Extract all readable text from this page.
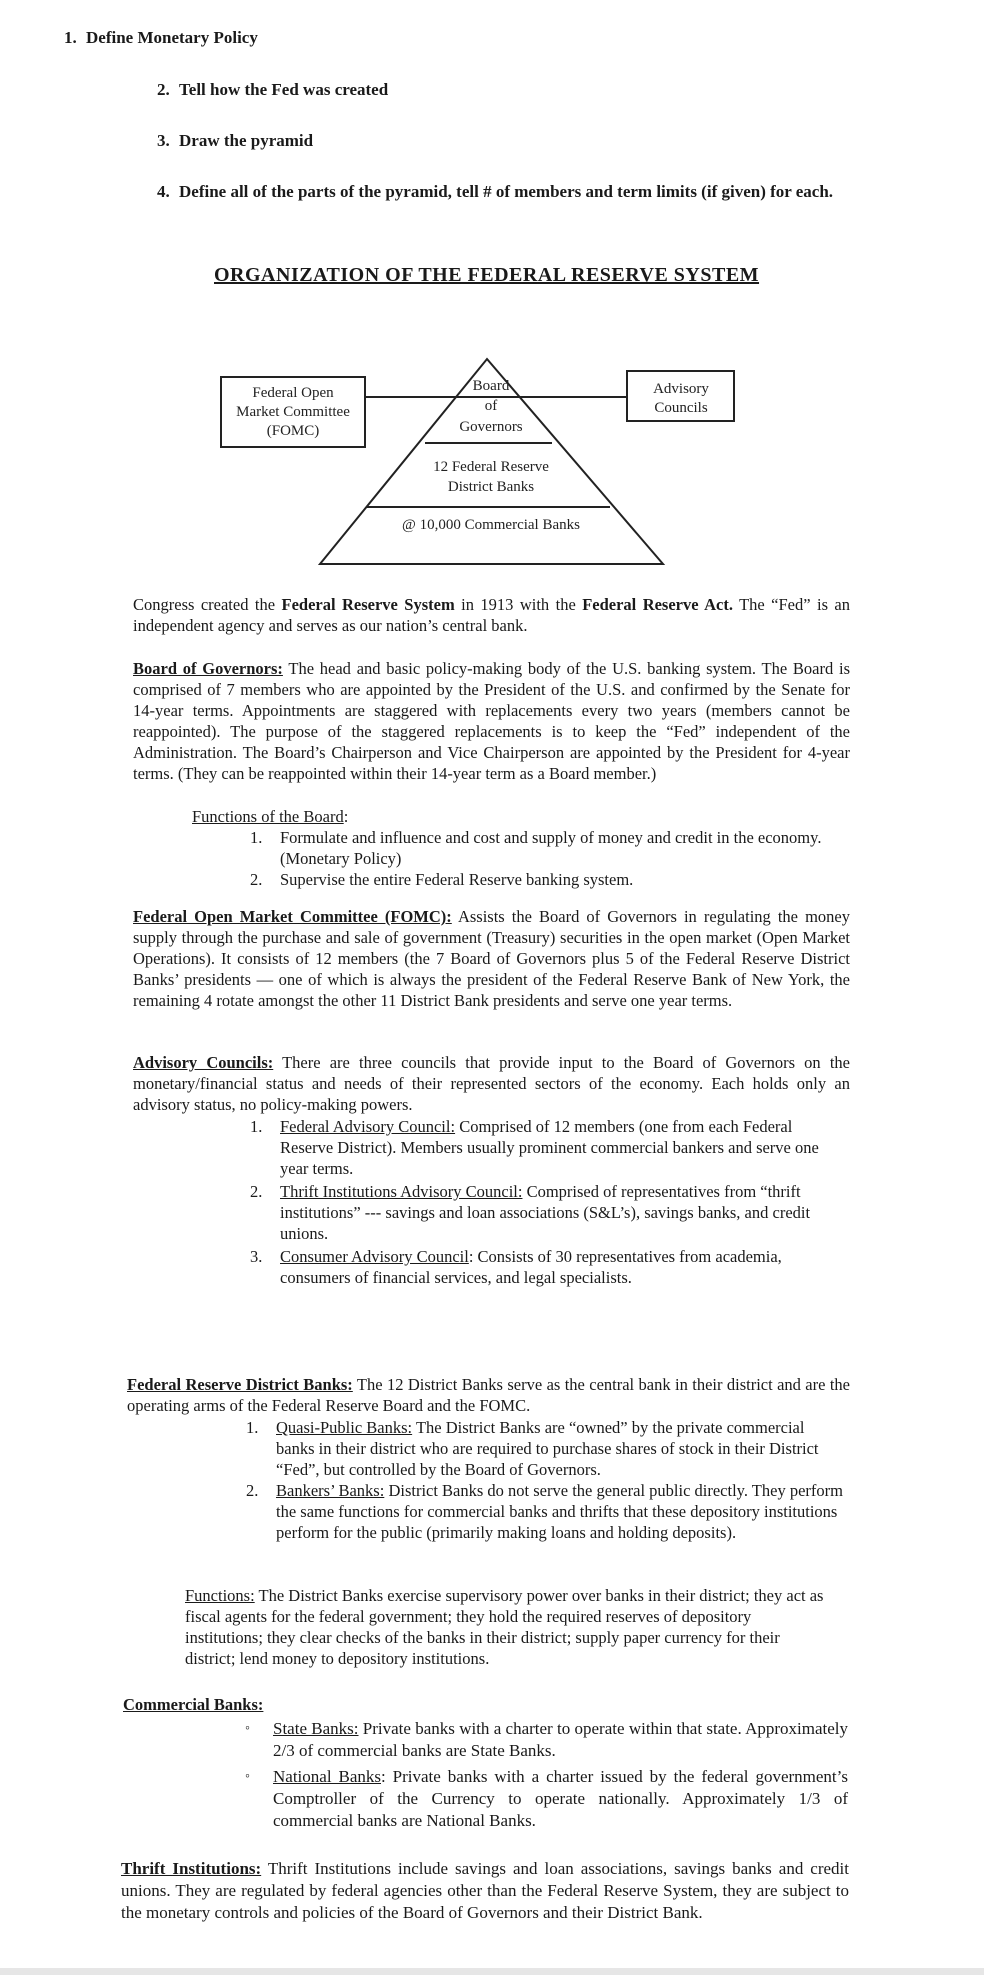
1. Define Monetary Policy
2. Tell how the Fed was created
3. Draw the pyramid
4. Define all of the parts of the pyramid, tell # of members and term limits (if given) for each.
ORGANIZATION OF THE FEDERAL RESERVE SYSTEM
Federal Open
Market Committee
(FOMC)
Board
of
Governors
Advisory
Councils
12 Federal Reserve
District Banks
@ 10,000 Commercial Banks
Congress created the Federal Reserve System in 1913 with the Federal Reserve Act. The “Fed” is an independent agency and serves as our nation’s central bank.
Board of Governors: The head and basic policy-making body of the U.S. banking system. The Board is comprised of 7 members who are appointed by the President of the U.S. and confirmed by the Senate for 14-year terms. Appointments are staggered with replacements every two years (members cannot be reappointed). The purpose of the staggered replacements is to keep the “Fed” independent of the Administration. The Board’s Chairperson and Vice Chairperson are appointed by the President for 4-year terms. (They can be reappointed within their 14-year term as a Board member.)
Functions of the Board:
1. Formulate and influence and cost and supply of money and credit in the economy. (Monetary Policy)
2. Supervise the entire Federal Reserve banking system.
Federal Open Market Committee (FOMC): Assists the Board of Governors in regulating the money supply through the purchase and sale of government (Treasury) securities in the open market (Open Market Operations). It consists of 12 members (the 7 Board of Governors plus 5 of the Federal Reserve District Banks’ presidents — one of which is always the president of the Federal Reserve Bank of New York, the remaining 4 rotate amongst the other 11 District Bank presidents and serve one year terms.
Advisory Councils: There are three councils that provide input to the Board of Governors on the monetary/financial status and needs of their represented sectors of the economy. Each holds only an advisory status, no policy-making powers.
1. Federal Advisory Council: Comprised of 12 members (one from each Federal Reserve District). Members usually prominent commercial bankers and serve one year terms.
2. Thrift Institutions Advisory Council: Comprised of representatives from “thrift institutions” --- savings and loan associations (S&L’s), savings banks, and credit unions.
3. Consumer Advisory Council: Consists of 30 representatives from academia, consumers of financial services, and legal specialists.
Federal Reserve District Banks: The 12 District Banks serve as the central bank in their district and are the operating arms of the Federal Reserve Board and the FOMC.
1. Quasi-Public Banks: The District Banks are “owned” by the private commercial banks in their district who are required to purchase shares of stock in their District “Fed”, but controlled by the Board of Governors.
2. Bankers’ Banks: District Banks do not serve the general public directly. They perform the same functions for commercial banks and thrifts that these depository institutions perform for the public (primarily making loans and holding deposits).
Functions: The District Banks exercise supervisory power over banks in their district; they act as fiscal agents for the federal government; they hold the required reserves of depository institutions; they clear checks of the banks in their district; supply paper currency for their district; lend money to depository institutions.
Commercial Banks:
◦ State Banks: Private banks with a charter to operate within that state. Approximately 2/3 of commercial banks are State Banks.
◦ National Banks: Private banks with a charter issued by the federal government’s Comptroller of the Currency to operate nationally. Approximately 1/3 of commercial banks are National Banks.
Thrift Institutions: Thrift Institutions include savings and loan associations, savings banks and credit unions. They are regulated by federal agencies other than the Federal Reserve System, they are subject to the monetary controls and policies of the Board of Governors and their District Bank.
